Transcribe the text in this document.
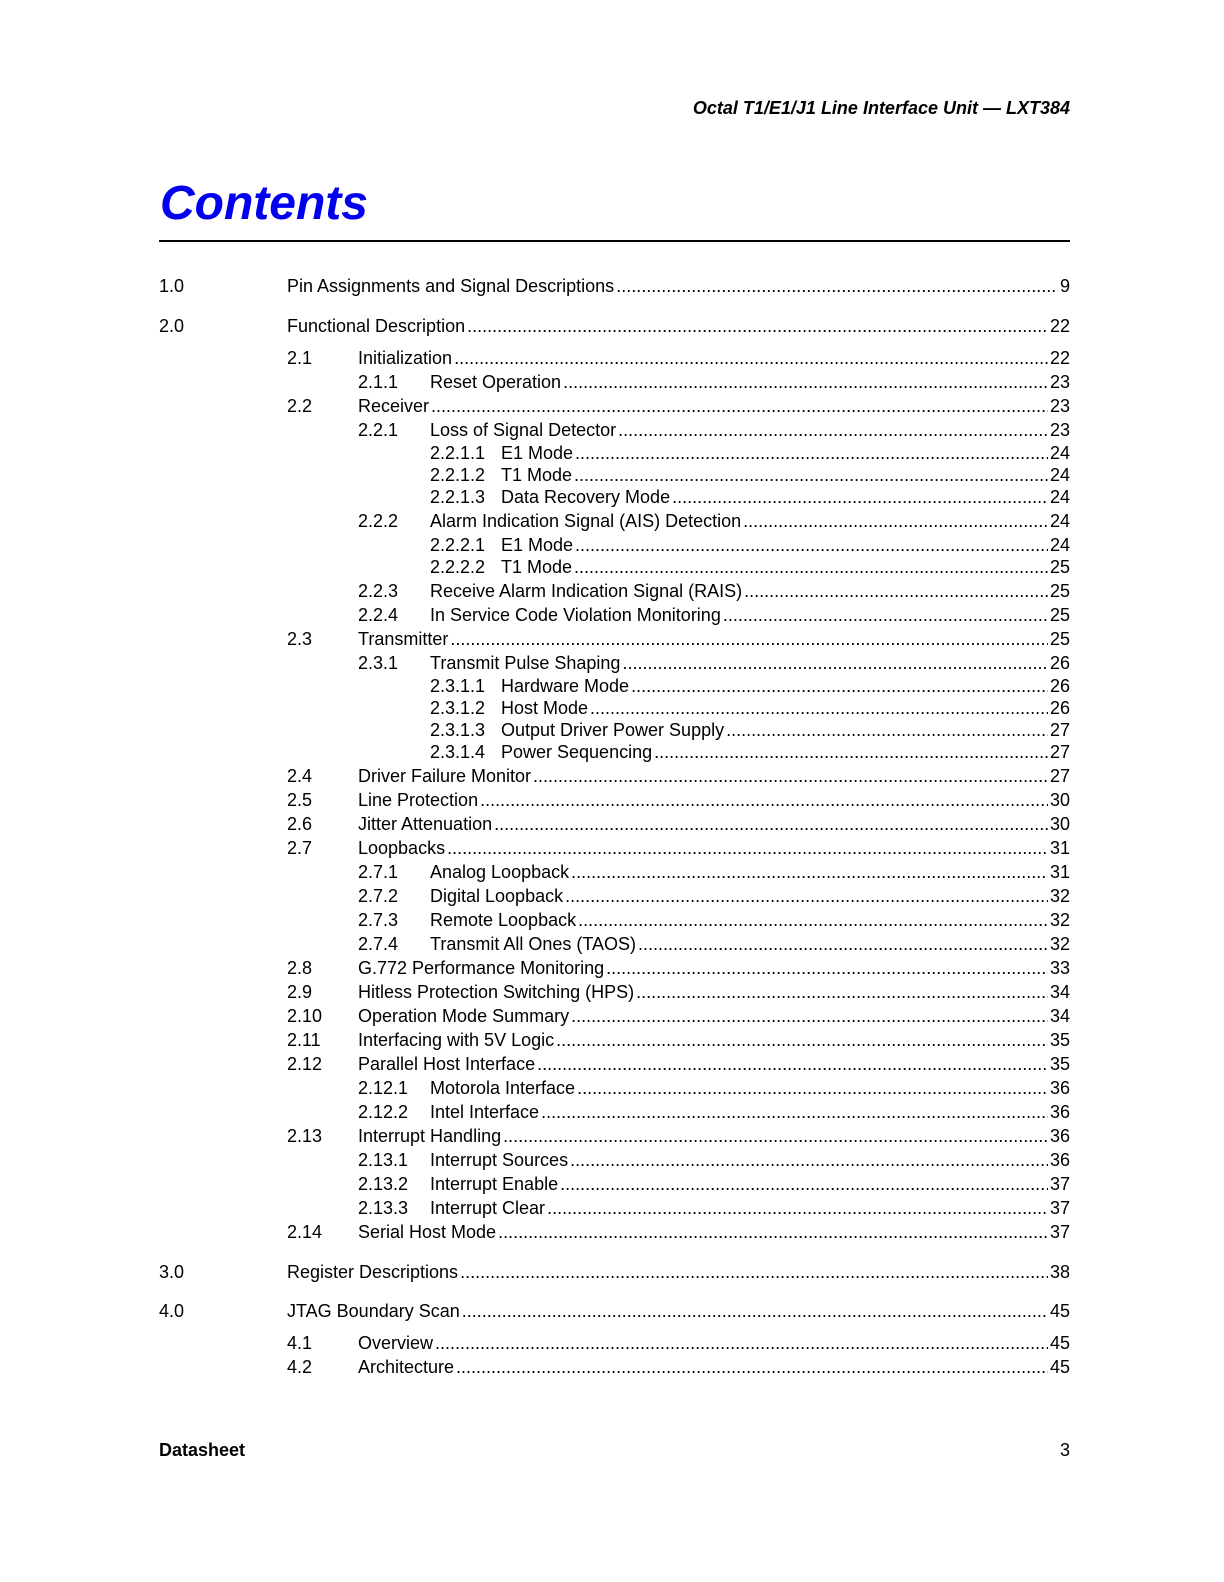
Octal T1/E1/J1 Line Interface Unit — LXT384
Contents
1.0	Pin Assignments and Signal Descriptions .....	9
2.0	Functional Description .....	22
2.1	Initialization .....	22
2.1.1 Reset Operation .....	23
2.2	Receiver .....	23
2.2.1 Loss of Signal Detector .....	23
2.2.1.1 E1 Mode .....	24
2.2.1.2 T1 Mode .....	24
2.2.1.3 Data Recovery Mode .....	24
2.2.2 Alarm Indication Signal (AIS) Detection .....	24
2.2.2.1 E1 Mode .....	24
2.2.2.2 T1 Mode .....	25
2.2.3 Receive Alarm Indication Signal (RAIS) .....	25
2.2.4 In Service Code Violation Monitoring .....	25
2.3	Transmitter .....	25
2.3.1 Transmit Pulse Shaping .....	26
2.3.1.1 Hardware Mode .....	26
2.3.1.2 Host Mode .....	26
2.3.1.3 Output Driver Power Supply .....	27
2.3.1.4 Power Sequencing .....	27
2.4	Driver Failure Monitor .....	27
2.5	Line Protection .....	30
2.6	Jitter Attenuation .....	30
2.7	Loopbacks .....	31
2.7.1 Analog Loopback .....	31
2.7.2 Digital Loopback .....	32
2.7.3 Remote Loopback .....	32
2.7.4 Transmit All Ones (TAOS) .....	32
2.8	G.772 Performance Monitoring .....	33
2.9	Hitless Protection Switching (HPS) .....	34
2.10 Operation Mode Summary .....	34
2.11 Interfacing with 5V Logic .....	35
2.12 Parallel Host Interface .....	35
2.12.1 Motorola Interface .....	36
2.12.2 Intel Interface .....	36
2.13 Interrupt Handling .....	36
2.13.1 Interrupt Sources .....	36
2.13.2 Interrupt Enable .....	37
2.13.3 Interrupt Clear .....	37
2.14 Serial Host Mode .....	37
3.0	Register Descriptions .....	38
4.0	JTAG Boundary Scan .....	45
4.1	Overview .....	45
4.2	Architecture .....	45
Datasheet	3
